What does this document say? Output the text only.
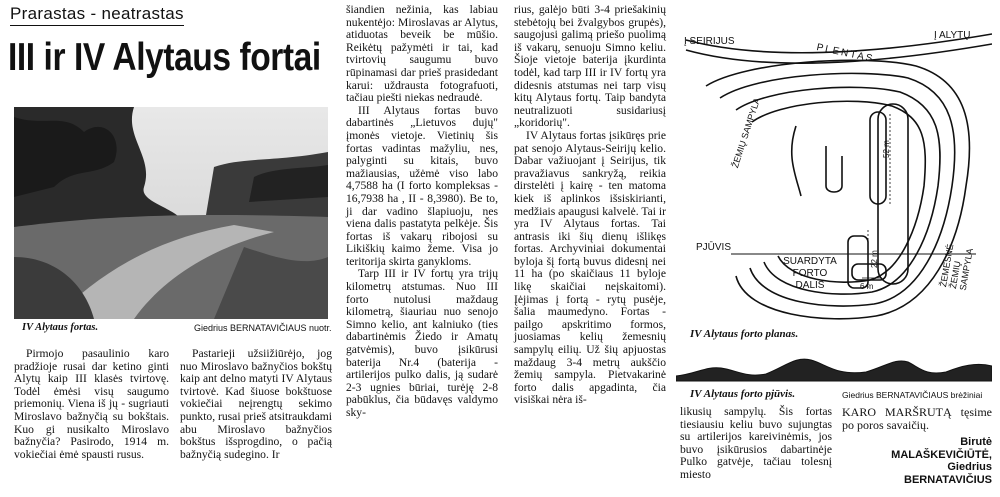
Prarastas - neatrastas
III ir IV Alytaus fortai
IV Alytaus fortas.	Giedrius BERNATAVIČIAUS nuotr.

Pirmojo pasaulinio karo pradžioje rusai dar ketino ginti Alytų kaip III klasės tvirtovę. Todėl ėmėsi visų saugumo priemonių. Viena iš jų - sugriauti Miroslavo bažnyčią su bokštais. Kuo gi nusikalto Miroslavo bažnyčia? Pasirodo, 1914 m. vokiečiai ėmė spausti rusus.

Pastarieji užsiižiūrėjo, jog nuo Miroslavo bažnyčios bokštų kaip ant delno matyti IV Alytaus tvirtovė. Kad šiuose bokštuose vokiečiai neįrengtų sekimo punkto, rusai prieš atsitraukdami abu Miroslavo bažnyčios bokštus išsprogdino, o pačią bažnyčią sudegino. Ir

šiandien nežinia, kas labiau nukentėjo: Miroslavas ar Alytus, atiduotas beveik be mūšio. Reikėtų pažymėti ir tai, kad tvirtovių saugumu buvo rūpinamasi dar prieš prasidedant karui: uždrausta fotografuoti, tačiau piešti niekas nedraudė.

III Alytaus fortas buvo dabartinės „Lietuvos dujų" įmonės vietoje. Vietinių šis fortas vadintas mažyliu, nes, palyginti su kitais, buvo mažiausias, užėmė viso labo 4,7588 ha (I forto kompleksas - 16,7938 ha , II - 8,3980). Be to, ji dar vadino šlapiuoju, nes viena dalis pastatyta pelkėje. Šis fortas iš vakarų ribojosi su Likiškių kaimo žeme. Visa jo teritorija skirta ganykloms.

Tarp III ir IV fortų yra trijų kilometrų atstumas. Nuo III forto nutolusi maždaug kilometrą, šiauriau nuo senojo Simno kelio, ant kalniuko (ties dabartinėmis Žiedo ir Amatų gatvėmis), buvo įsikūrusi baterija Nr.4 (baterija - artilerijos pulko dalis, ją sudarė 2-3 ugnies būriai, turėję 2-8 pabūklus, čia būdavęs valdymo sky-

rius, galėjo būti 3-4 priešakinių stebėtojų bei žvalgybos grupės), saugojusi galimą priešo puolimą iš vakarų, senuoju Simno keliu. Šioje vietoje baterija įkurdinta todėl, kad tarp III ir IV fortų yra didesnis atstumas nei tarp visų kitų Alytaus fortų. Taip bandyta neutralizuoti susidariusį „koridorių".

IV Alytaus fortas įsikūręs prie pat senojo Alytaus-Seirijų kelio. Dabar važiuojant į Seirijus, tik pravažiavus sankryžą, reikia dirstelėti į kairę - ten matoma kiek iš aplinkos išsiskirianti, medžiais apaugusi kalvelė. Tai ir yra IV Alytaus fortas. Tai antrasis iki šių dienų išlikęs fortas. Archyviniai dokumentai byloja šį fortą buvus didesnį nei 11 ha (po skaičiaus 11 byloje likę skaičiai neįskaitomi). Įėjimas į fortą - rytų pusėje, šalia maumedyno. Fortas - pailgo apskritimo formos, juosiamas kelių žemesnių sampylų eilių. Už šių apjuostas maždaug 3-4 metrų aukščio žemių sampyla. Pietvakarinė forto dalis apgadinta, čia visiškai nėra iš-

Į SEIRIJUS
Į ALYTŲ
PLENTAS
ŽEMIŲ SAMPYLA
ŽEMESNĖ ŽEMIŲ SAMPYLA
PJŪVIS
SUARDYTA
FORTO
DALIS
52 m
22 m
6 m
IV Alytaus forto planas.
IV Alytaus forto pjūvis.	Giedrius BERNATAVIČIAUS brėžiniai

likusių sampylų. Šis fortas tiesiausiu keliu buvo sujungtas su artilerijos kareivinėmis, jos buvo įsikūrusios dabartinėje Pulko gatvėje, tačiau tolesnį miesto

KARO MARŠRUTĄ tęsime po poros savaičių.

Birutė
MALAŠKEVIČIŪTĖ,
Giedrius
BERNATAVIČIUS
